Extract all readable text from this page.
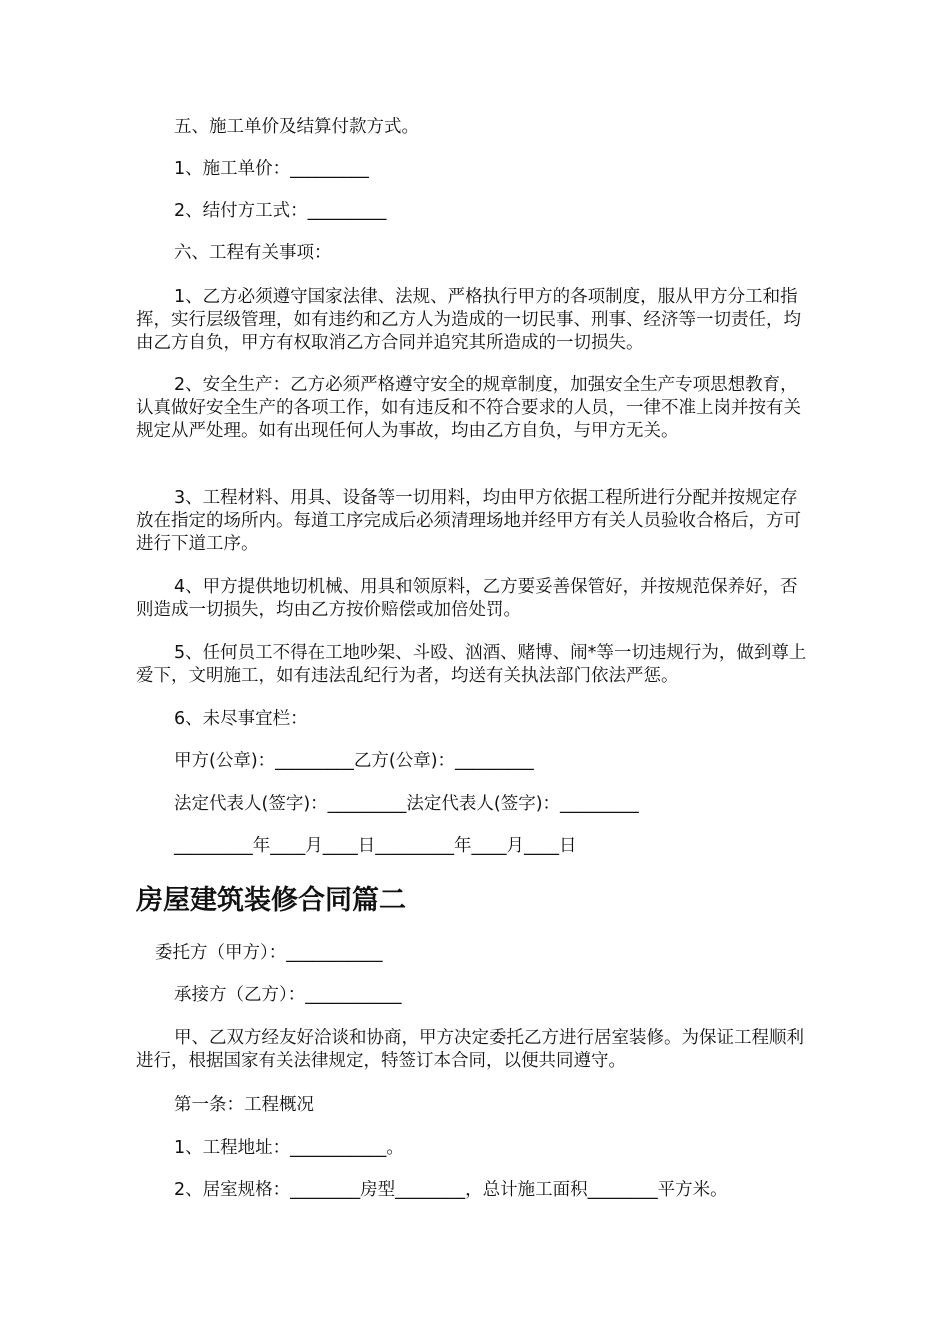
五、施工单价及结算付款方式。

1、施工单价：_________

2、结付方工式：_________

六、工程有关事项：

1、乙方必须遵守国家法律、法规、严格执行甲方的各项制度，服从甲方分工和指挥，实行层级管理，如有违约和乙方人为造成的一切民事、刑事、经济等一切责任，均由乙方自负，甲方有权取消乙方合同并追究其所造成的一切损失。

2、安全生产：乙方必须严格遵守安全的规章制度，加强安全生产专项思想教育，认真做好安全生产的各项工作，如有违反和不符合要求的人员，一律不准上岗并按有关规定从严处理。如有出现任何人为事故，均由乙方自负，与甲方无关。

3、工程材料、用具、设备等一切用料，均由甲方依据工程所进行分配并按规定存放在指定的场所内。每道工序完成后必须清理场地并经甲方有关人员验收合格后，方可进行下道工序。

4、甲方提供地切机械、用具和领原料，乙方要妥善保管好，并按规范保养好，否则造成一切损失，均由乙方按价赔偿或加倍处罚。

5、任何员工不得在工地吵架、斗殴、汹酒、赌博、闹*等一切违规行为，做到尊上爱下，文明施工，如有违法乱纪行为者，均送有关执法部门依法严惩。

6、未尽事宜栏：

甲方(公章)：_________乙方(公章)：_________

法定代表人(签字)：_________法定代表人(签字)：_________

_________年____月____日_________年____月____日

房屋建筑装修合同篇二

委托方（甲方）：___________

承接方（乙方）：___________

甲、乙双方经友好洽谈和协商，甲方决定委托乙方进行居室装修。为保证工程顺利进行，根据国家有关法律规定，特签订本合同，以便共同遵守。

第一条：工程概况

1、工程地址：___________。

2、居室规格：________房型________，总计施工面积________平方米。
